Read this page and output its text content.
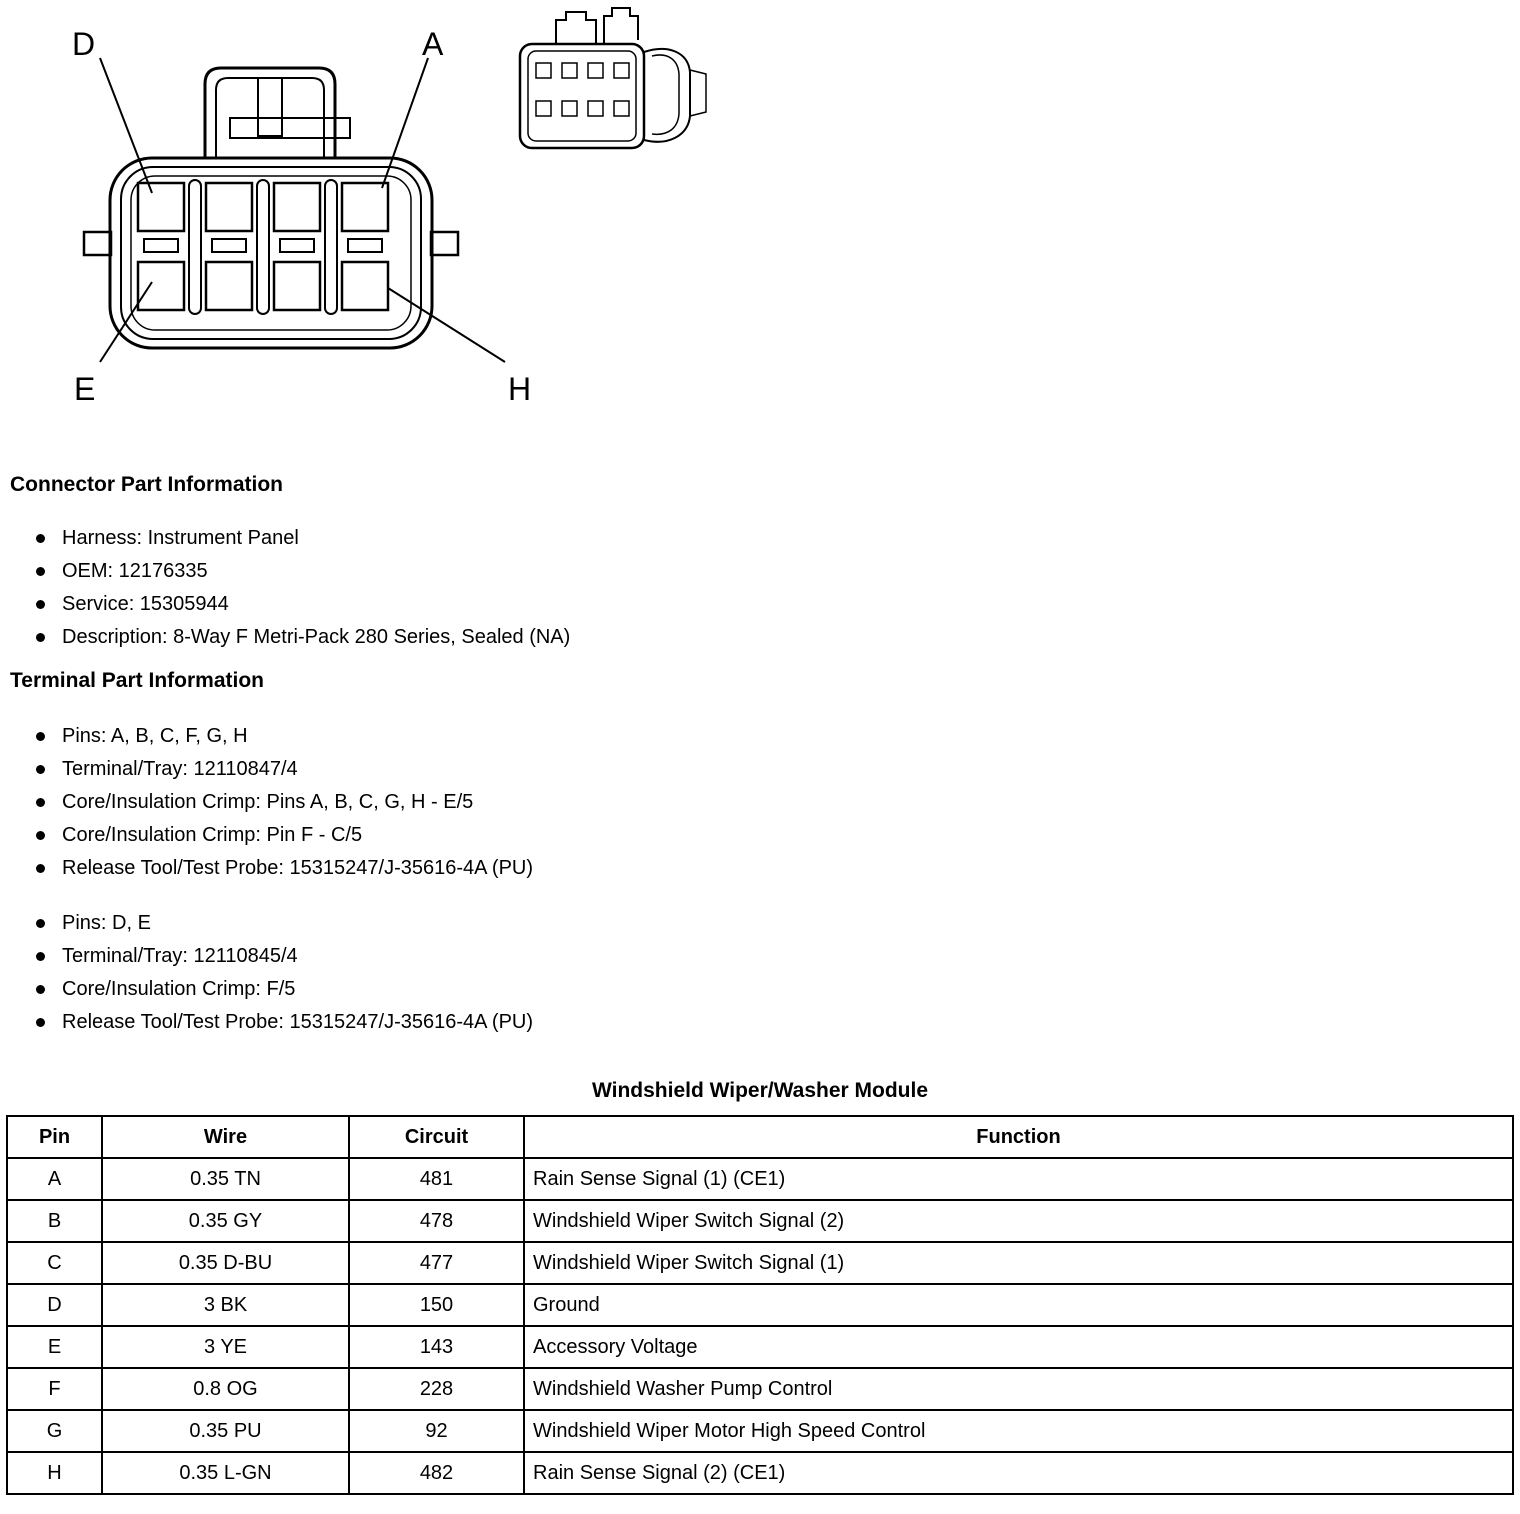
D	A
E	H
Connector Part Information
Harness: Instrument Panel
OEM: 12176335
Service: 15305944
Description: 8-Way F Metri-Pack 280 Series, Sealed (NA)
Terminal Part Information
Pins: A, B, C, F, G, H
Terminal/Tray: 12110847/4
Core/Insulation Crimp: Pins A, B, C, G, H - E/5
Core/Insulation Crimp: Pin F - C/5
Release Tool/Test Probe: 15315247/J-35616-4A (PU)
Pins: D, E
Terminal/Tray: 12110845/4
Core/Insulation Crimp: F/5
Release Tool/Test Probe: 15315247/J-35616-4A (PU)
Windshield Wiper/Washer Module
Pin	Wire	Circuit	Function
A	0.35 TN	481	Rain Sense Signal (1) (CE1)
B	0.35 GY	478	Windshield Wiper Switch Signal (2)
C	0.35 D-BU	477	Windshield Wiper Switch Signal (1)
D	3 BK	150	Ground
E	3 YE	143	Accessory Voltage
F	0.8 OG	228	Windshield Washer Pump Control
G	0.35 PU	92	Windshield Wiper Motor High Speed Control
H	0.35 L-GN	482	Rain Sense Signal (2) (CE1)
